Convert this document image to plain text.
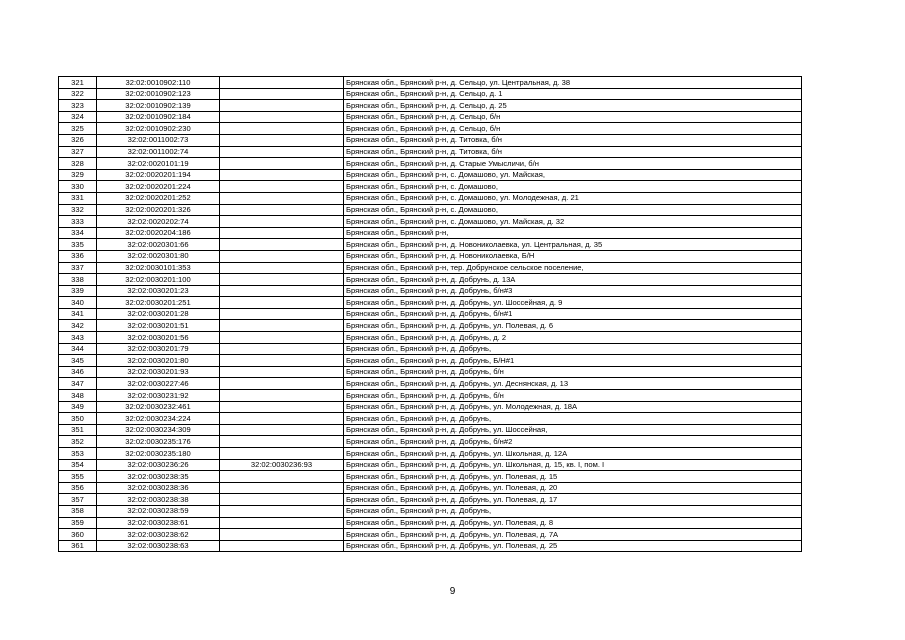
321	32:02:0010902:110		Брянская обл., Брянский р-н, д. Сельцо, ул. Центральная, д. 38
322	32:02:0010902:123		Брянская обл., Брянский р-н, д. Сельцо, д. 1
323	32:02:0010902:139		Брянская обл., Брянский р-н, д. Сельцо, д. 25
324	32:02:0010902:184		Брянская обл., Брянский р-н, д. Сельцо, б/н
325	32:02:0010902:230		Брянская обл., Брянский р-н, д. Сельцо, б/н
326	32:02:0011002:73		Брянская обл., Брянский р-н, д. Титовка, б/н
327	32:02:0011002:74		Брянская обл., Брянский р-н, д. Титовка, б/н
328	32:02:0020101:19		Брянская обл., Брянский р-н, д. Старые Умысличи, б/н
329	32:02:0020201:194		Брянская обл., Брянский р-н, с. Домашово, ул. Майская,
330	32:02:0020201:224		Брянская обл., Брянский р-н, с. Домашово,
331	32:02:0020201:252		Брянская обл., Брянский р-н, с. Домашово, ул. Молодежная, д. 21
332	32:02:0020201:326		Брянская обл., Брянский р-н, с. Домашово,
333	32:02:0020202:74		Брянская обл., Брянский р-н, с. Домашово, ул. Майская, д. 32
334	32:02:0020204:186		Брянская обл., Брянский р-н,
335	32:02:0020301:66		Брянская обл., Брянский р-н, д. Новониколаевка, ул. Центральная, д. 35
336	32:02:0020301:80		Брянская обл., Брянский р-н, д. Новониколаевка, Б/Н
337	32:02:0030101:353		Брянская обл., Брянский р-н, тер. Добрунское сельское поселение,
338	32:02:0030201:100		Брянская обл., Брянский р-н, д. Добрунь, д. 13А
339	32:02:0030201:23		Брянская обл., Брянский р-н, д. Добрунь, б/н#3
340	32:02:0030201:251		Брянская обл., Брянский р-н, д. Добрунь, ул. Шоссейная, д. 9
341	32:02:0030201:28		Брянская обл., Брянский р-н, д. Добрунь, б/н#1
342	32:02:0030201:51		Брянская обл., Брянский р-н, д. Добрунь, ул. Полевая, д. 6
343	32:02:0030201:56		Брянская обл., Брянский р-н, д. Добрунь, д. 2
344	32:02:0030201:79		Брянская обл., Брянский р-н, д. Добрунь,
345	32:02:0030201:80		Брянская обл., Брянский р-н, д. Добрунь, Б/Н#1
346	32:02:0030201:93		Брянская обл., Брянский р-н, д. Добрунь, б/н
347	32:02:0030227:46		Брянская обл., Брянский р-н, д. Добрунь, ул. Деснянская, д. 13
348	32:02:0030231:92		Брянская обл., Брянский р-н, д. Добрунь, б/н
349	32:02:0030232:461		Брянская обл., Брянский р-н, д. Добрунь, ул. Молодежная, д. 18А
350	32:02:0030234:224		Брянская обл., Брянский р-н, д. Добрунь,
351	32:02:0030234:309		Брянская обл., Брянский р-н, д. Добрунь, ул. Шоссейная,
352	32:02:0030235:176		Брянская обл., Брянский р-н, д. Добрунь, б/н#2
353	32:02:0030235:180		Брянская обл., Брянский р-н, д. Добрунь, ул. Школьная, д. 12А
354	32:02:0030236:26	32:02:0030236:93	Брянская обл., Брянский р-н, д. Добрунь, ул. Школьная, д. 15, кв. I, пом. I
355	32:02:0030238:35		Брянская обл., Брянский р-н, д. Добрунь, ул. Полевая, д. 15
356	32:02:0030238:36		Брянская обл., Брянский р-н, д. Добрунь, ул. Полевая, д. 20
357	32:02:0030238:38		Брянская обл., Брянский р-н, д. Добрунь, ул. Полевая, д. 17
358	32:02:0030238:59		Брянская обл., Брянский р-н, д. Добрунь,
359	32:02:0030238:61		Брянская обл., Брянский р-н, д. Добрунь, ул. Полевая, д. 8
360	32:02:0030238:62		Брянская обл., Брянский р-н, д. Добрунь, ул. Полевая, д. 7А
361	32:02:0030238:63		Брянская обл., Брянский р-н, д. Добрунь, ул. Полевая, д. 25
9
